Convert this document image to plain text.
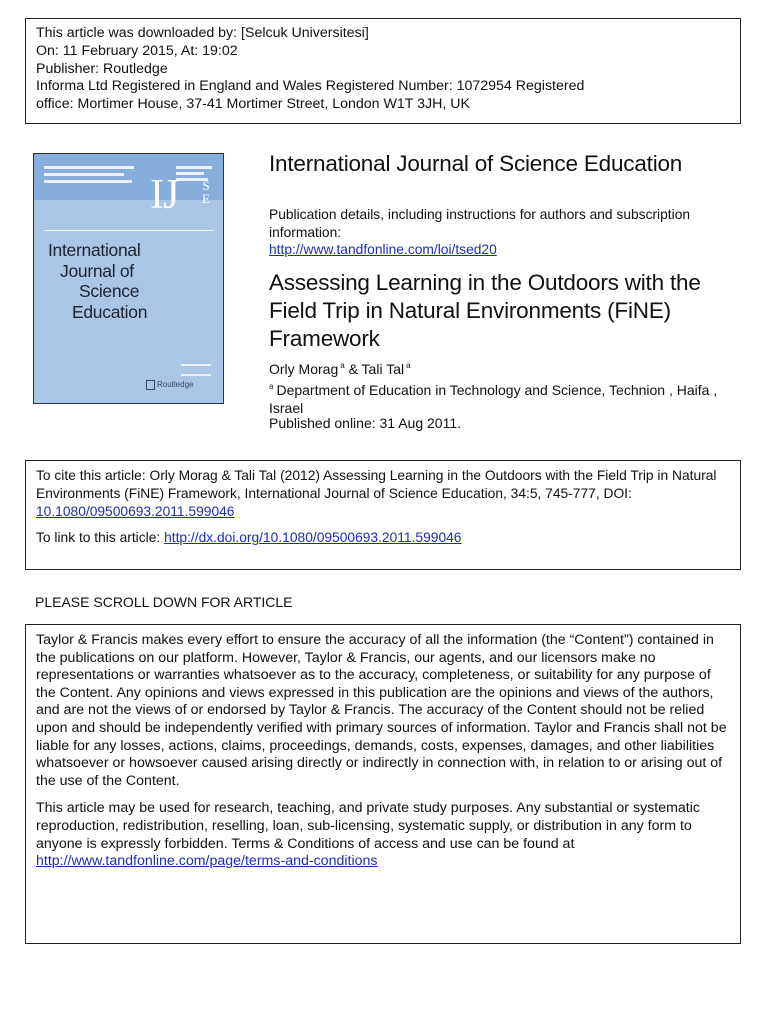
This article was downloaded by: [Selcuk Universitesi]
On: 11 February 2015, At: 19:02
Publisher: Routledge
Informa Ltd Registered in England and Wales Registered Number: 1072954 Registered
office: Mortimer House, 37-41 Mortimer Street, London W1T 3JH, UK
IJ S E
International
Journal of
Science
Education
Routledge
International Journal of Science Education
Publication details, including instructions for authors and subscription information:
http://www.tandfonline.com/loi/tsed20
Assessing Learning in the Outdoors with the Field Trip in Natural Environments (FiNE) Framework
Orly Morag $^a$ & Tali Tal $^a$
$^a$ Department of Education in Technology and Science, Technion , Haifa , Israel
Published online: 31 Aug 2011.
To cite this article: Orly Morag & Tali Tal (2012) Assessing Learning in the Outdoors with the Field Trip in Natural Environments (FiNE) Framework, International Journal of Science Education, 34:5, 745-777, DOI: 10.1080/09500693.2011.599046
To link to this article: http://dx.doi.org/10.1080/09500693.2011.599046
PLEASE SCROLL DOWN FOR ARTICLE

Taylor & Francis makes every effort to ensure the accuracy of all the information (the “Content”) contained in the publications on our platform. However, Taylor & Francis, our agents, and our licensors make no representations or warranties whatsoever as to the accuracy, completeness, or suitability for any purpose of the Content. Any opinions and views expressed in this publication are the opinions and views of the authors, and are not the views of or endorsed by Taylor & Francis. The accuracy of the Content should not be relied upon and should be independently verified with primary sources of information. Taylor and Francis shall not be liable for any losses, actions, claims, proceedings, demands, costs, expenses, damages, and other liabilities whatsoever or howsoever caused arising directly or indirectly in connection with, in relation to or arising out of the use of the Content.

This article may be used for research, teaching, and private study purposes. Any substantial or systematic reproduction, redistribution, reselling, loan, sub-licensing, systematic supply, or distribution in any form to anyone is expressly forbidden. Terms & Conditions of access and use can be found at http://www.tandfonline.com/page/terms-and-conditions
